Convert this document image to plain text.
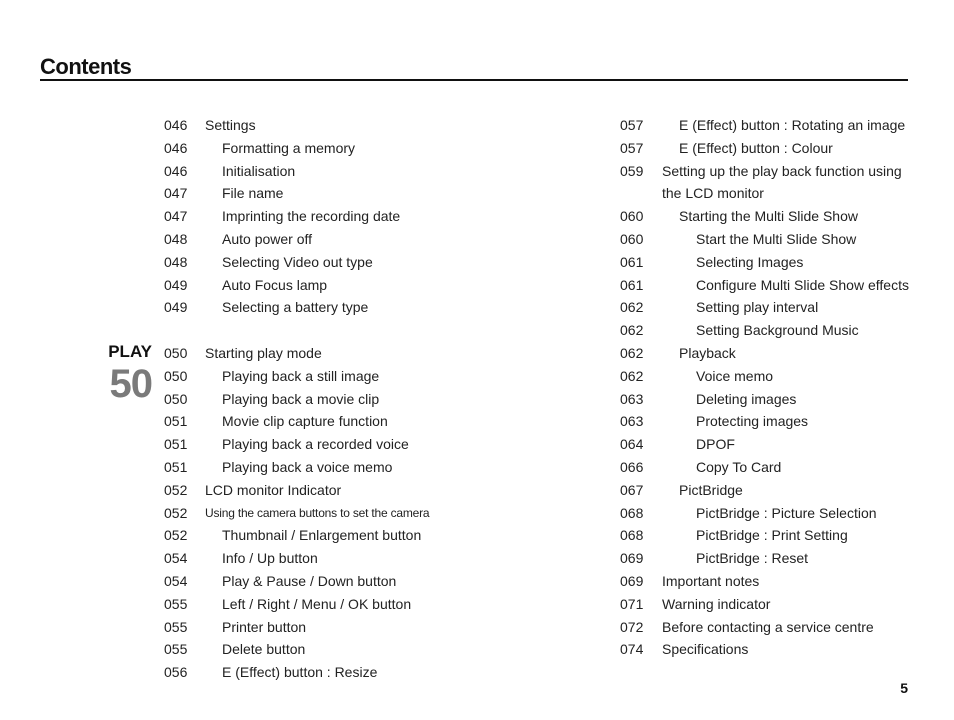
Contents
PLAY
50
046 Settings
046 Formatting a memory
046 Initialisation
047 File name
047 Imprinting the recording date
048 Auto power off
048 Selecting Video out type
049 Auto Focus lamp
049 Selecting a battery type
050 Starting play mode
050 Playing back a still image
050 Playing back a movie clip
051 Movie clip capture function
051 Playing back a recorded voice
051 Playing back a voice memo
052 LCD monitor Indicator
052 Using the camera buttons to set the camera
052 Thumbnail / Enlargement button
054 Info / Up button
054 Play & Pause / Down button
055 Left / Right / Menu / OK button
055 Printer button
055 Delete button
056 E (Effect) button : Resize
057	E (Effect) button : Rotating an image
057	E (Effect) button : Colour
059 Setting up the play back function using
the LCD monitor
060	Starting the Multi Slide Show
060	Start the Multi Slide Show
061	Selecting Images
061	Configure Multi Slide Show effects
062	Setting play interval
062	Setting Background Music
062	Playback
062	Voice memo
063	Deleting images
063	Protecting images
064	DPOF
066	Copy To Card
067	PictBridge
068	PictBridge : Picture Selection
068	PictBridge : Print Setting
069	PictBridge : Reset
069 Important notes
071 Warning indicator
072 Before contacting a service centre
074 Specifications
5
